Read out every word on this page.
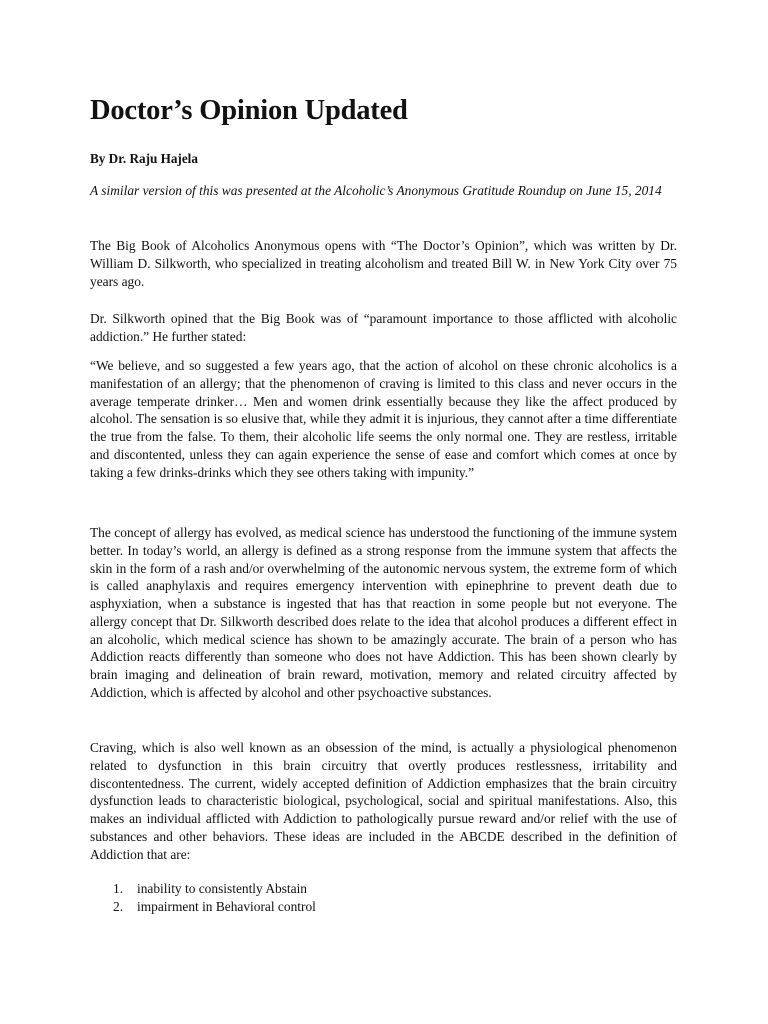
Doctor’s Opinion Updated

By Dr. Raju Hajela

A similar version of this was presented at the Alcoholic’s Anonymous Gratitude Roundup on June 15, 2014

The Big Book of Alcoholics Anonymous opens with “The Doctor’s Opinion”, which was written by Dr. William D. Silkworth, who specialized in treating alcoholism and treated Bill W. in New York City over 75 years ago.

Dr. Silkworth opined that the Big Book was of “paramount importance to those afflicted with alcoholic addiction.” He further stated:

“We believe, and so suggested a few years ago, that the action of alcohol on these chronic alcoholics is a manifestation of an allergy; that the phenomenon of craving is limited to this class and never occurs in the average temperate drinker… Men and women drink essentially because they like the affect produced by alcohol. The sensation is so elusive that, while they admit it is injurious, they cannot after a time differentiate the true from the false. To them, their alcoholic life seems the only normal one. They are restless, irritable and discontented, unless they can again experience the sense of ease and comfort which comes at once by taking a few drinks-drinks which they see others taking with impunity.”

The concept of allergy has evolved, as medical science has understood the functioning of the immune system better. In today’s world, an allergy is defined as a strong response from the immune system that affects the skin in the form of a rash and/or overwhelming of the autonomic nervous system, the extreme form of which is called anaphylaxis and requires emergency intervention with epinephrine to prevent death due to asphyxiation, when a substance is ingested that has that reaction in some people but not everyone. The allergy concept that Dr. Silkworth described does relate to the idea that alcohol produces a different effect in an alcoholic, which medical science has shown to be amazingly accurate. The brain of a person who has Addiction reacts differently than someone who does not have Addiction. This has been shown clearly by brain imaging and delineation of brain reward, motivation, memory and related circuitry affected by Addiction, which is affected by alcohol and other psychoactive substances.

Craving, which is also well known as an obsession of the mind, is actually a physiological phenomenon related to dysfunction in this brain circuitry that overtly produces restlessness, irritability and discontentedness. The current, widely accepted definition of Addiction emphasizes that the brain circuitry dysfunction leads to characteristic biological, psychological, social and spiritual manifestations. Also, this makes an individual afflicted with Addiction to pathologically pursue reward and/or relief with the use of substances and other behaviors. These ideas are included in the ABCDE described in the definition of Addiction that are:

1. inability to consistently Abstain
2. impairment in Behavioral control
